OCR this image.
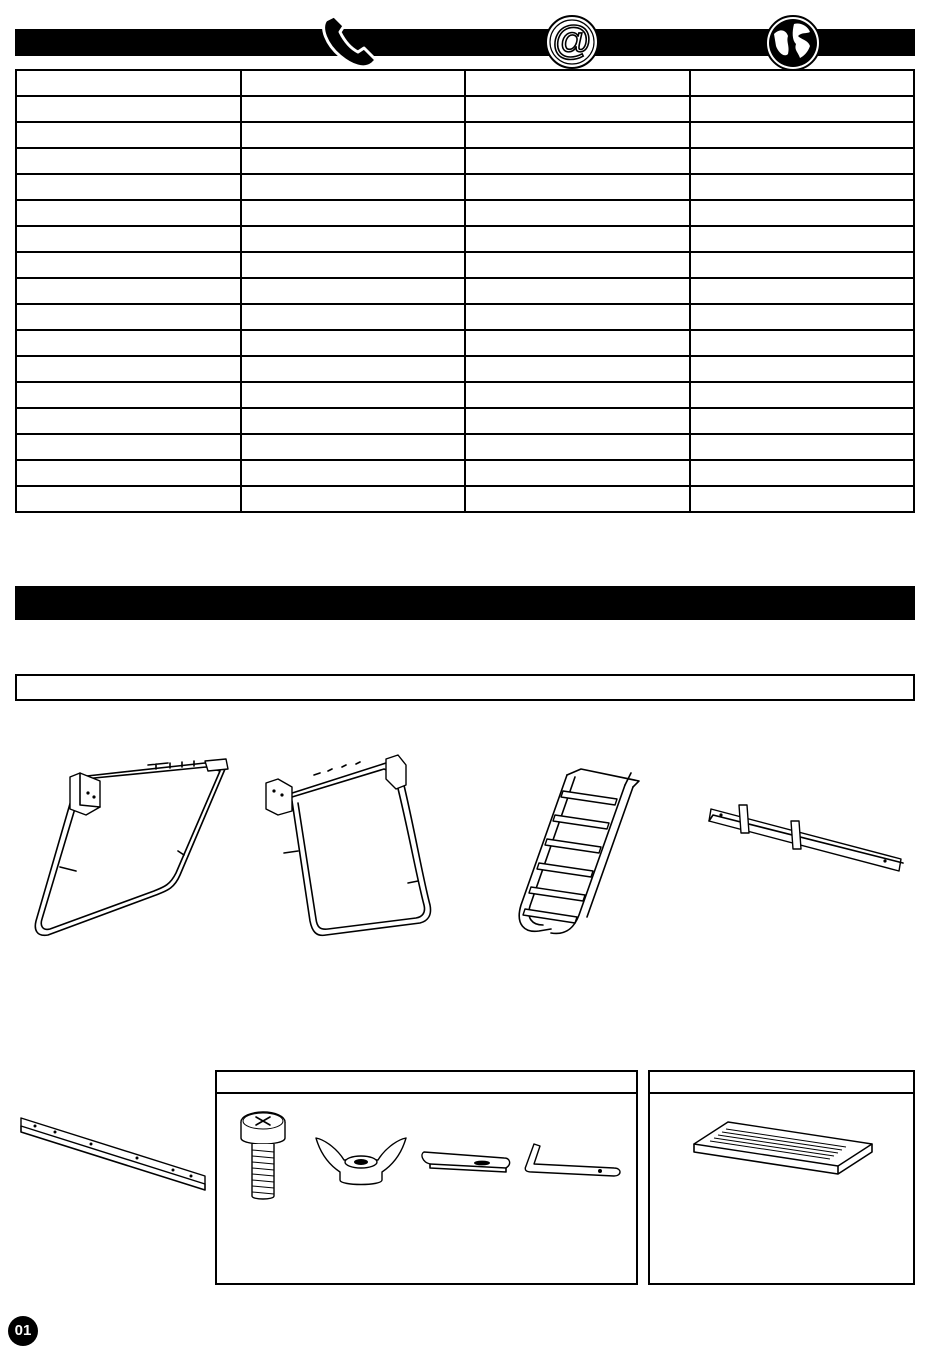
@

01
